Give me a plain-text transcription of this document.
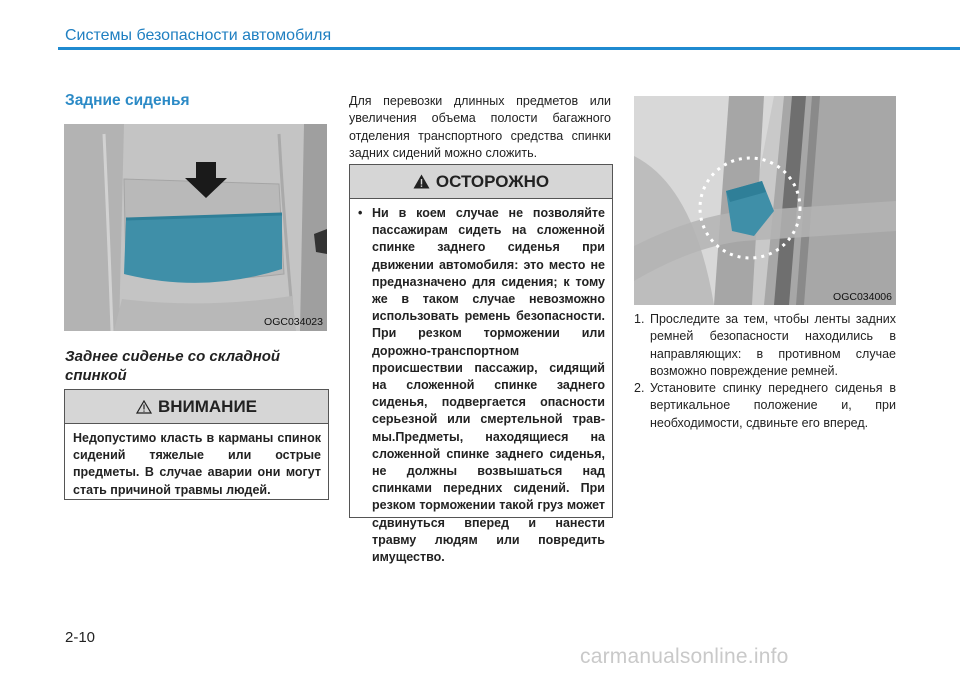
Системы безопасности автомобиля
Задние сиденья
OGC034023
Заднее сиденье со складной спинкой
ВНИМАНИЕ
Недопустимо класть в карманы спинок сидений тяжелые или острые предметы. В случае аварии они могут стать причиной травмы людей.
Для перевозки длинных предметов или увеличения объема полости багажного отделения транспортного средства спинки задних сидений можно сложить.
ОСТОРОЖНО
• Ни в коем случае не позволяйте пассажирам сидеть на сложенной спинке заднего сиденья при движении автомобиля: это место не предназначено для сидения; к тому же в таком случае невозможно использовать ремень безопасности. При резком торможении или дорожно-транспортном происшествии пассажир, сидящий на сложенной спинке заднего сиденья, подвергается опасности серьезной или смертельной травмы.Предметы, находящиеся на сложенной спинке заднего сиденья, не должны возвышаться над спинками передних сидений. При резком торможении такой груз может сдвинуться вперед и нанести травму людям или повредить имущество.
OGC034006
1. Проследите за тем, чтобы ленты задних ремней безопасности находились в направляющих: в противном случае возможно повреждение ремней.
2. Установите спинку переднего сиденья в вертикальное положение и, при необходимости, сдвиньте его вперед.
2-10
carmanualsonline.info
